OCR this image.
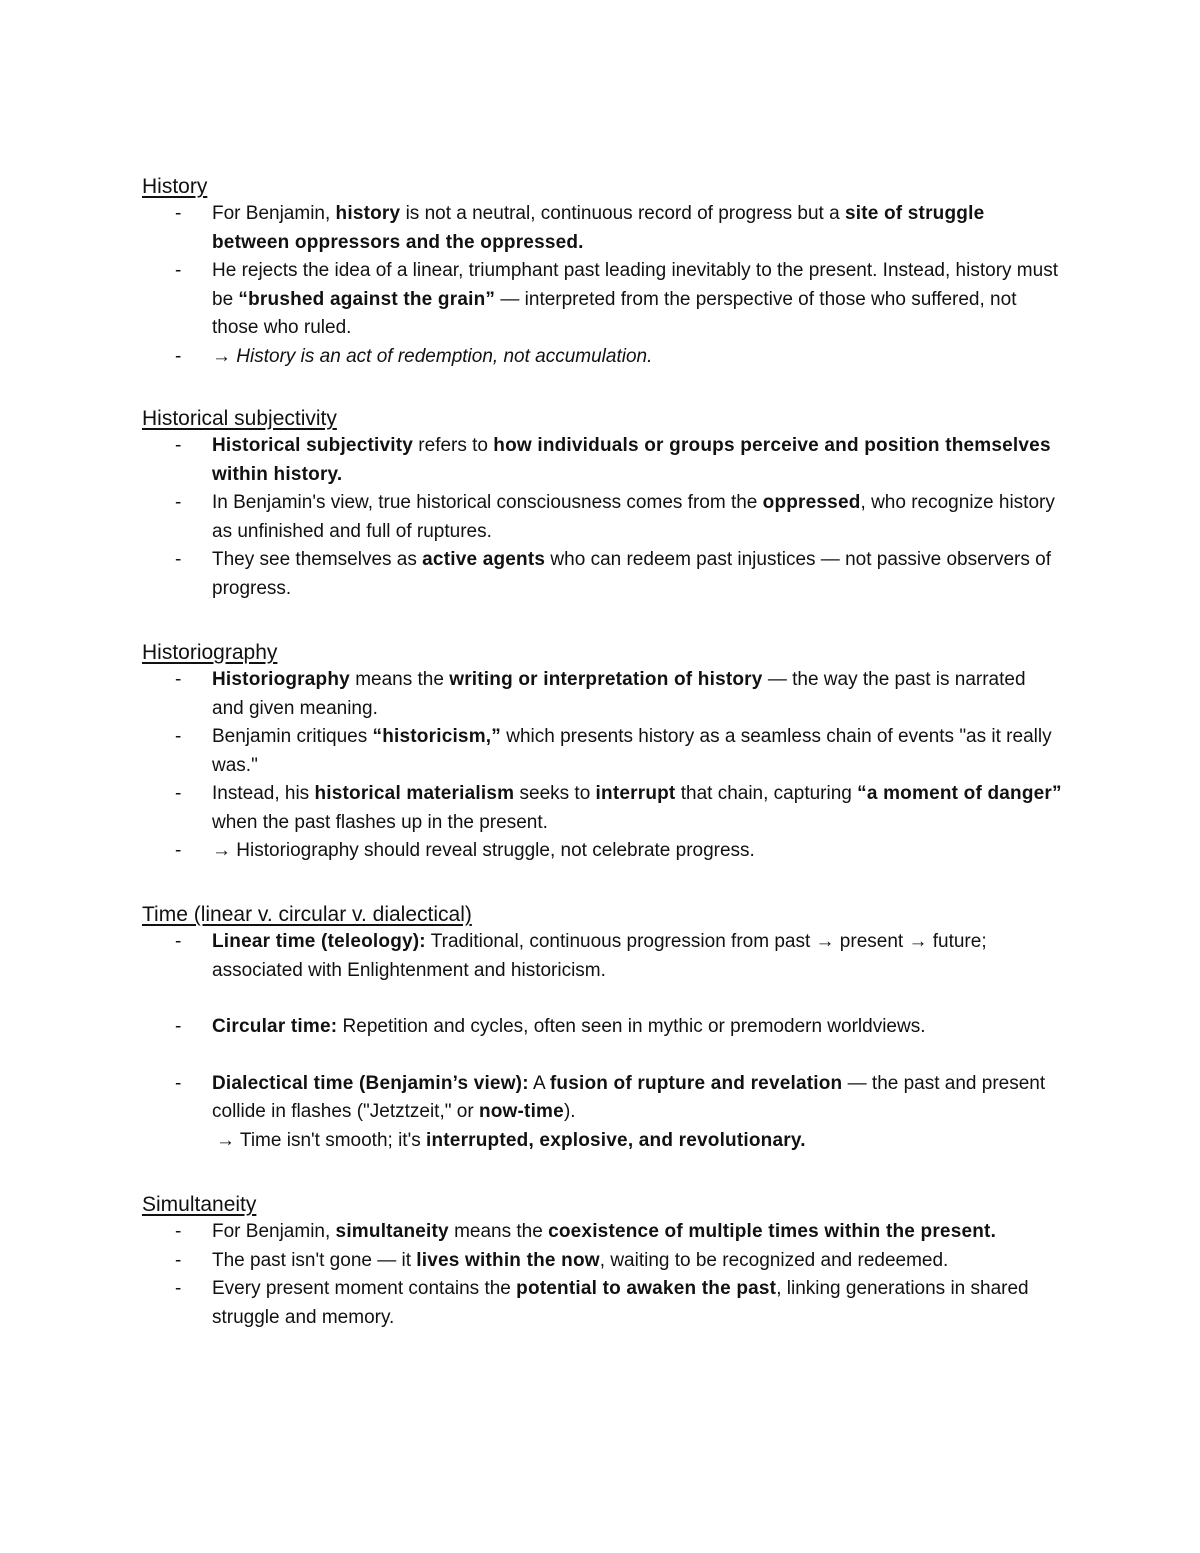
History
- For Benjamin, history is not a neutral, continuous record of progress but a site of struggle between oppressors and the oppressed.
- He rejects the idea of a linear, triumphant past leading inevitably to the present. Instead, history must be “brushed against the grain” — interpreted from the perspective of those who suffered, not those who ruled.
- → History is an act of redemption, not accumulation.
Historical subjectivity
- Historical subjectivity refers to how individuals or groups perceive and position themselves within history.
- In Benjamin's view, true historical consciousness comes from the oppressed, who recognize history as unfinished and full of ruptures.
- They see themselves as active agents who can redeem past injustices — not passive observers of progress.
Historiography
- Historiography means the writing or interpretation of history — the way the past is narrated and given meaning.
- Benjamin critiques “historicism,” which presents history as a seamless chain of events "as it really was."
- Instead, his historical materialism seeks to interrupt that chain, capturing “a moment of danger” when the past flashes up in the present.
- → Historiography should reveal struggle, not celebrate progress.
Time (linear v. circular v. dialectical)
- Linear time (teleology): Traditional, continuous progression from past → present → future; associated with Enlightenment and historicism.
- Circular time: Repetition and cycles, often seen in mythic or premodern worldviews.
- Dialectical time (Benjamin’s view): A fusion of rupture and revelation — the past and present collide in flashes ("Jetztzeit," or now-time).
→ Time isn't smooth; it's interrupted, explosive, and revolutionary.
Simultaneity
- For Benjamin, simultaneity means the coexistence of multiple times within the present.
- The past isn't gone — it lives within the now, waiting to be recognized and redeemed.
- Every present moment contains the potential to awaken the past, linking generations in shared struggle and memory.
